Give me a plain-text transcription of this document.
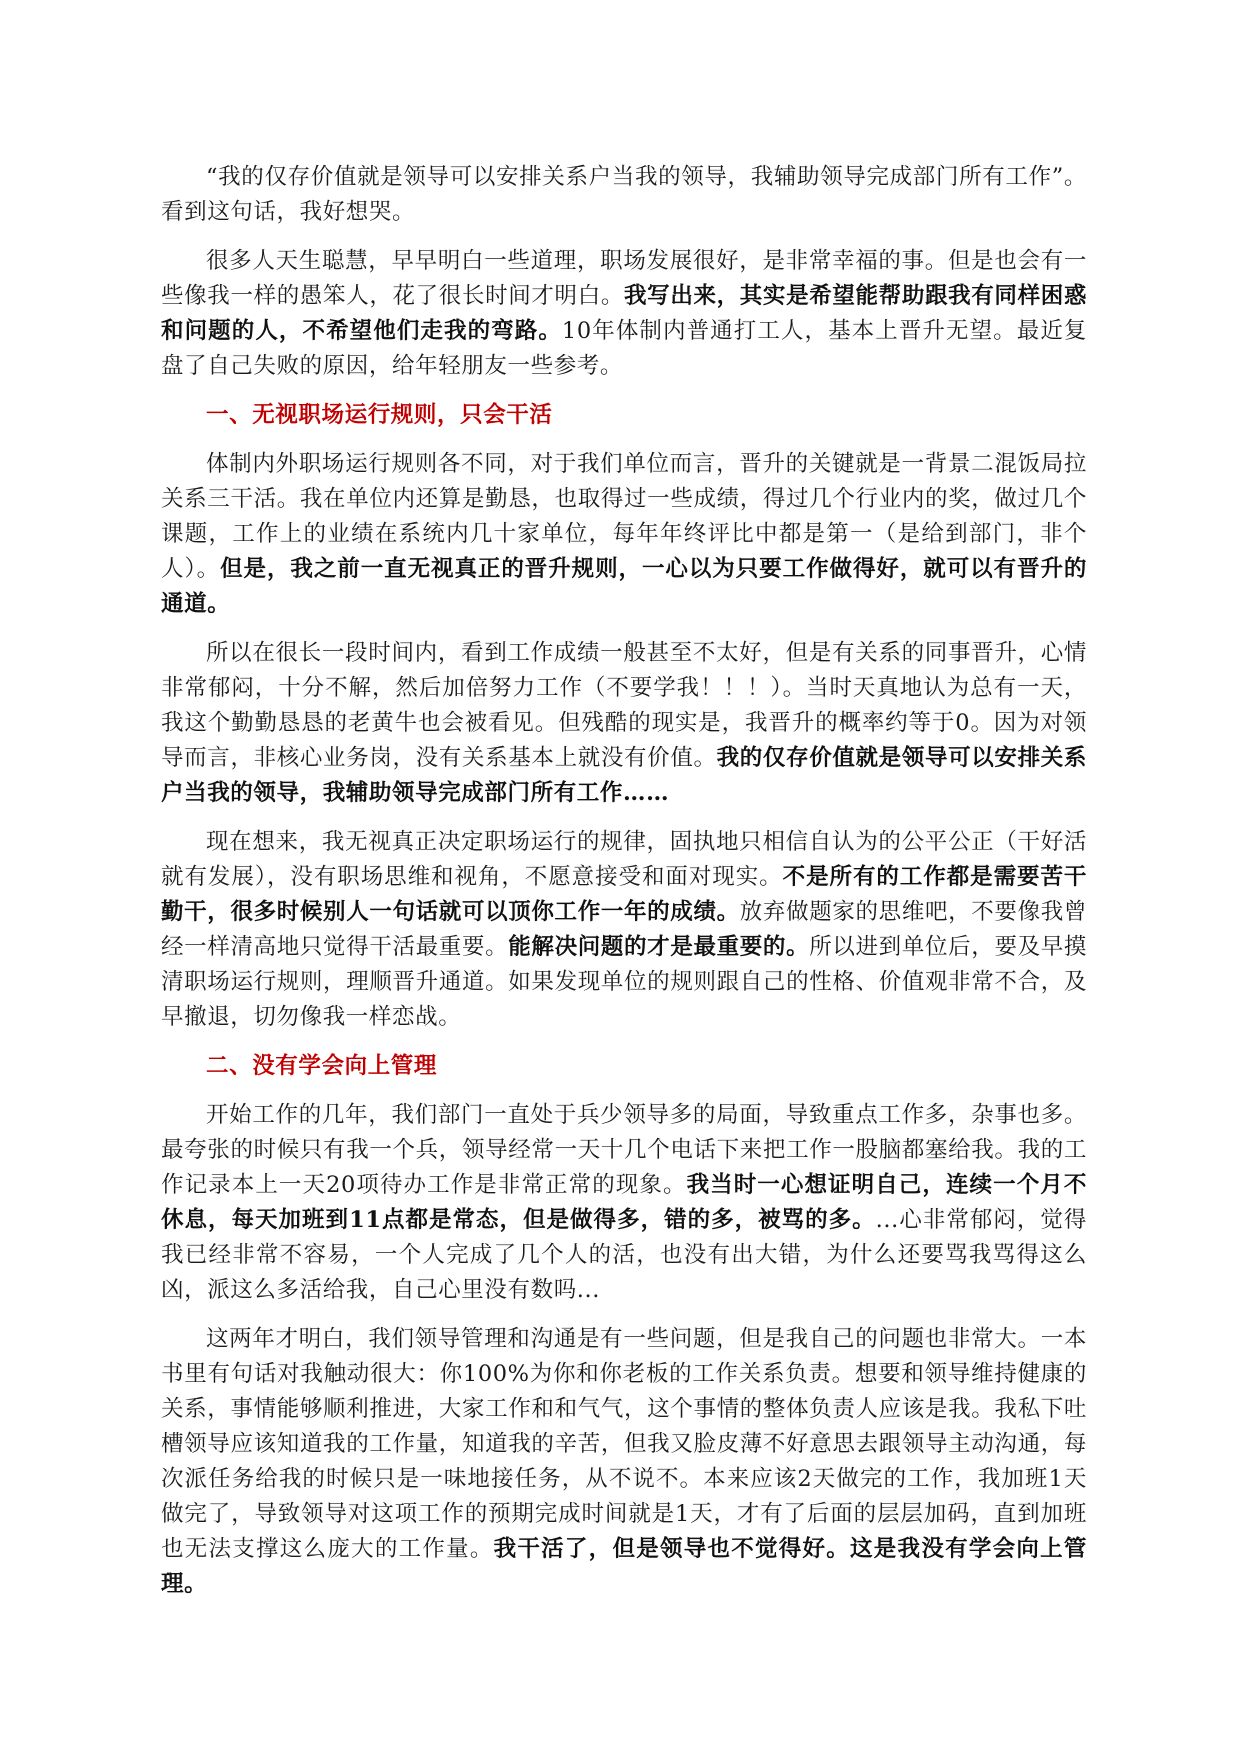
“我的仅存价值就是领导可以安排关系户当我的领导，我辅助领导完成部门所有工作”。看到这句话，我好想哭。

很多人天生聪慧，早早明白一些道理，职场发展很好，是非常幸福的事。但是也会有一些像我一样的愚笨人，花了很长时间才明白。我写出来，其实是希望能帮助跟我有同样困惑和问题的人，不希望他们走我的弯路。10年体制内普通打工人，基本上晋升无望。最近复盘了自己失败的原因，给年轻朋友一些参考。

一、无视职场运行规则，只会干活

体制内外职场运行规则各不同，对于我们单位而言，晋升的关键就是一背景二混饭局拉关系三干活。我在单位内还算是勤恳，也取得过一些成绩，得过几个行业内的奖，做过几个课题，工作上的业绩在系统内几十家单位，每年年终评比中都是第一（是给到部门，非个人）。但是，我之前一直无视真正的晋升规则，一心以为只要工作做得好，就可以有晋升的通道。

所以在很长一段时间内，看到工作成绩一般甚至不太好，但是有关系的同事晋升，心情非常郁闷，十分不解，然后加倍努力工作（不要学我！！！）。当时天真地认为总有一天，我这个勤勤恳恳的老黄牛也会被看见。但残酷的现实是，我晋升的概率约等于0。因为对领导而言，非核心业务岗，没有关系基本上就没有价值。我的仅存价值就是领导可以安排关系户当我的领导，我辅助领导完成部门所有工作……

现在想来，我无视真正决定职场运行的规律，固执地只相信自认为的公平公正（干好活就有发展），没有职场思维和视角，不愿意接受和面对现实。不是所有的工作都是需要苦干勤干，很多时候别人一句话就可以顶你工作一年的成绩。放弃做题家的思维吧，不要像我曾经一样清高地只觉得干活最重要。能解决问题的才是最重要的。所以进到单位后，要及早摸清职场运行规则，理顺晋升通道。如果发现单位的规则跟自己的性格、价值观非常不合，及早撤退，切勿像我一样恋战。

二、没有学会向上管理

开始工作的几年，我们部门一直处于兵少领导多的局面，导致重点工作多，杂事也多。最夸张的时候只有我一个兵，领导经常一天十几个电话下来把工作一股脑都塞给我。我的工作记录本上一天20项待办工作是非常正常的现象。我当时一心想证明自己，连续一个月不休息，每天加班到11点都是常态，但是做得多，错的多，被骂的多。...心非常郁闷，觉得我已经非常不容易，一个人完成了几个人的活，也没有出大错，为什么还要骂我骂得这么凶，派这么多活给我，自己心里没有数吗...

这两年才明白，我们领导管理和沟通是有一些问题，但是我自己的问题也非常大。一本书里有句话对我触动很大：你100%为你和你老板的工作关系负责。想要和领导维持健康的关系，事情能够顺利推进，大家工作和和气气，这个事情的整体负责人应该是我。我私下吐槽领导应该知道我的工作量，知道我的辛苦，但我又脸皮薄不好意思去跟领导主动沟通，每次派任务给我的时候只是一味地接任务，从不说不。本来应该2天做完的工作，我加班1天做完了，导致领导对这项工作的预期完成时间就是1天，才有了后面的层层加码，直到加班也无法支撑这么庞大的工作量。我干活了，但是领导也不觉得好。这是我没有学会向上管理。
